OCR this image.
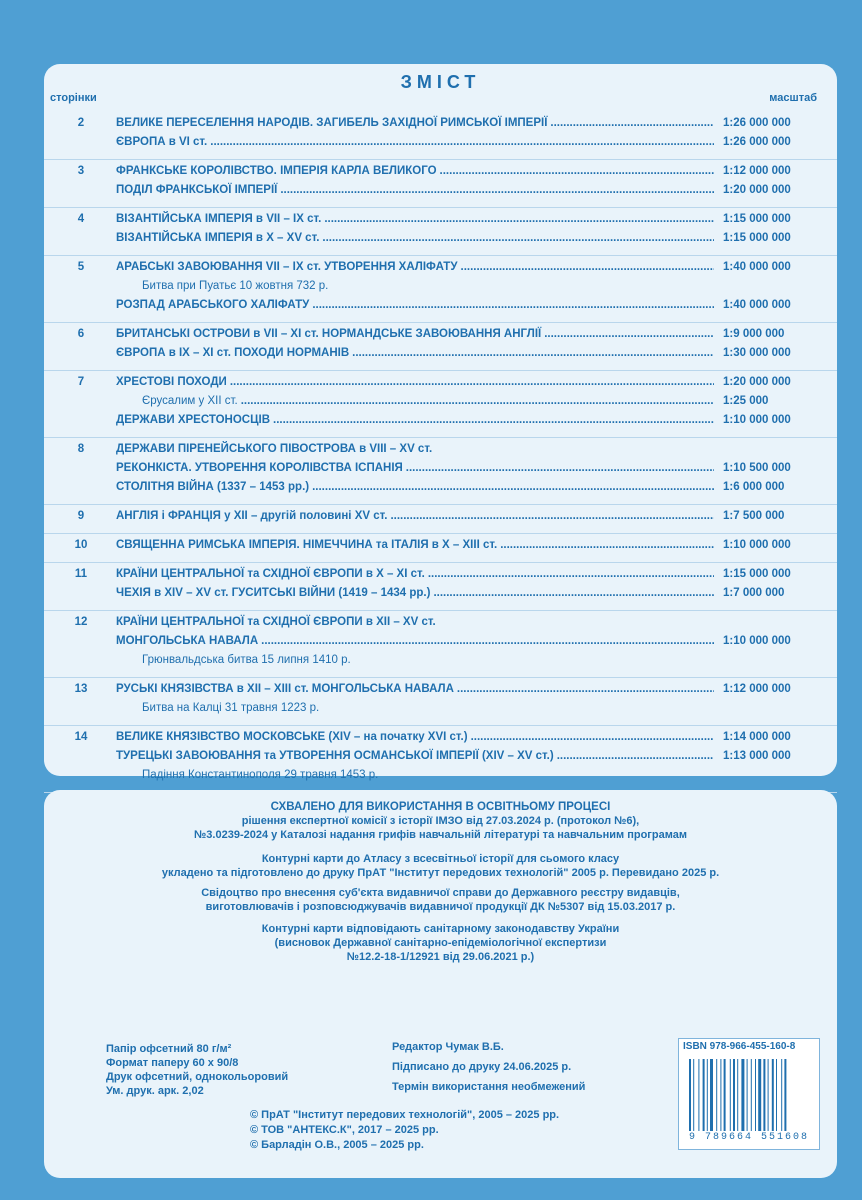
ЗМІСТ
сторінки	масштаб
2	ВЕЛИКЕ ПЕРЕСЕЛЕННЯ НАРОДІВ. ЗАГИБЕЛЬ ЗАХІДНОЇ РИМСЬКОЇ ІМПЕРІЇ .....	1:26 000 000
ЄВРОПА в VI ст. .....	1:26 000 000
3	ФРАНКСЬКЕ КОРОЛІВСТВО. ІМПЕРІЯ КАРЛА ВЕЛИКОГО .....	1:12 000 000
ПОДІЛ ФРАНКСЬКОЇ ІМПЕРІЇ .....	1:20 000 000
4	ВІЗАНТІЙСЬКА ІМПЕРІЯ в VII – IX ст. .....	1:15 000 000
ВІЗАНТІЙСЬКА ІМПЕРІЯ в X – XV ст. .....	1:15 000 000
5	АРАБСЬКІ ЗАВОЮВАННЯ VII – IX ст. УТВОРЕННЯ ХАЛІФАТУ .....	1:40 000 000
Битва при Пуатьє 10 жовтня 732 р.
РОЗПАД АРАБСЬКОГО ХАЛІФАТУ .....	1:40 000 000
6	БРИТАНСЬКІ ОСТРОВИ в VII – XI ст. НОРМАНДСЬКЕ ЗАВОЮВАННЯ АНГЛІЇ .....	1:9 000 000
ЄВРОПА в IX – XI ст. ПОХОДИ НОРМАНІВ .....	1:30 000 000
7	ХРЕСТОВІ ПОХОДИ .....	1:20 000 000
Єрусалим у XII ст. .....	1:25 000
ДЕРЖАВИ ХРЕСТОНОСЦІВ .....	1:10 000 000
8	ДЕРЖАВИ ПІРЕНЕЙСЬКОГО ПІВОСТРОВА в VIII – XV ст.
РЕКОНКІСТА. УТВОРЕННЯ КОРОЛІВСТВА ІСПАНІЯ .....	1:10 500 000
СТОЛІТНЯ ВІЙНА (1337 – 1453 рр.) .....	1:6 000 000
9	АНГЛІЯ і ФРАНЦІЯ у XII – другій половині XV ст. .....	1:7 500 000
10	СВЯЩЕННА РИМСЬКА ІМПЕРІЯ. НІМЕЧЧИНА та ІТАЛІЯ в X – XIII ст. .....	1:10 000 000
11	КРАЇНИ ЦЕНТРАЛЬНОЇ та СХІДНОЇ ЄВРОПИ в X – XI ст. .....	1:15 000 000
ЧЕХІЯ в XIV – XV ст. ГУСИТСЬКІ ВІЙНИ (1419 – 1434 рр.) .....	1:7 000 000
12	КРАЇНИ ЦЕНТРАЛЬНОЇ та СХІДНОЇ ЄВРОПИ в XII – XV ст.
МОНГОЛЬСЬКА НАВАЛА .....	1:10 000 000
Грюнвальдська битва 15 липня 1410 р.
13	РУСЬКІ КНЯЗІВСТВА в XII – XIII ст. МОНГОЛЬСЬКА НАВАЛА .....	1:12 000 000
Битва на Калці 31 травня 1223 р.
14	ВЕЛИКЕ КНЯЗІВСТВО МОСКОВСЬКЕ (XIV – на початку XVI ст.) .....	1:14 000 000
ТУРЕЦЬКІ ЗАВОЮВАННЯ та УТВОРЕННЯ ОСМАНСЬКОЇ ІМПЕРІЇ (XIV – XV ст.) .....	1:13 000 000
Падіння Константинополя 29 травня 1453 р.
.....
СХВАЛЕНО ДЛЯ ВИКОРИСТАННЯ В ОСВІТНЬОМУ ПРОЦЕСІ
рішення експертної комісії з історії ІМЗО від 27.03.2024 р. (протокол №6),
№3.0239-2024 у Каталозі надання грифів навчальній літературі та навчальним програмам
Контурні карти до Атласу з всесвітньої історії для сьомого класу
укладено та підготовлено до друку ПрАТ "Інститут передових технологій" 2005 р. Перевидано 2025 р.
Свідоцтво про внесення суб'єкта видавничої справи до Державного реєстру видавців,
виготовлювачів і розповсюджувачів видавничої продукції ДК №5307 від 15.03.2017 р.
Контурні карти відповідають санітарному законодавству України
(висновок Державної санітарно-епідеміологічної експертизи
№12.2-18-1/12921 від 29.06.2021 р.)
Папір офсетний 80 г/м²
Формат паперу 60 х 90/8
Друк офсетний, однокольоровий
Ум. друк. арк. 2,02
Редактор Чумак В.Б.
Підписано до друку 24.06.2025 р.
Термін використання необмежений
ISBN 978-966-455-160-8
9 789664 551608
© ПрАТ "Інститут передових технологій", 2005 – 2025 рр.
© ТОВ "АНТЕКС.К", 2017 – 2025 рр.
© Барладін О.В., 2005 – 2025 рр.
